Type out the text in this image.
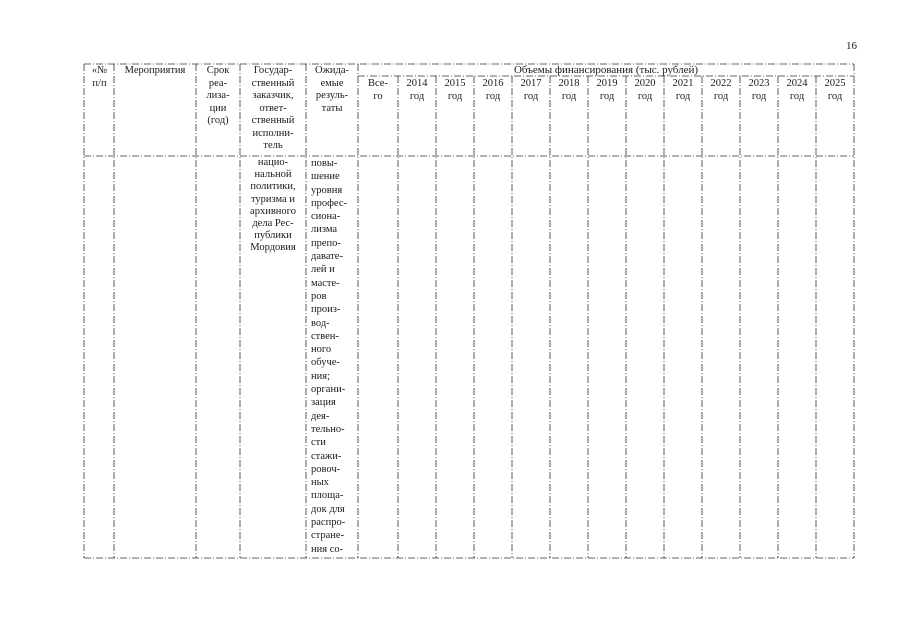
16
«№
п/п
Мероприятия	Срок
реа-
лиза-
ции
(год)
Государ-
ственный
заказчик,
ответ-
ственный
исполни-
тель
Ожида-
емые
резуль-
таты
Объемы финансирования (тыс. рублей)
Все-
го
2014
год
2015
год
2016
год
2017
год
2018
год
2019
год
2020
год
2021
год
2022
год
2023
год
2024
год
2025
год
нацио-
нальной
политики,
туризма и
архивного
дела Рес-
публики
Мордовия
повы-
шение
уровня
профес-
сиона-
лизма
препо-
давате-
лей и
масте-
ров
произ-
вод-
ствен-
ного
обуче-
ния;
органи-
зация
дея-
тельно-
сти
стажи-
ровоч-
ных
площа-
док для
распро-
стране-
ния со-
